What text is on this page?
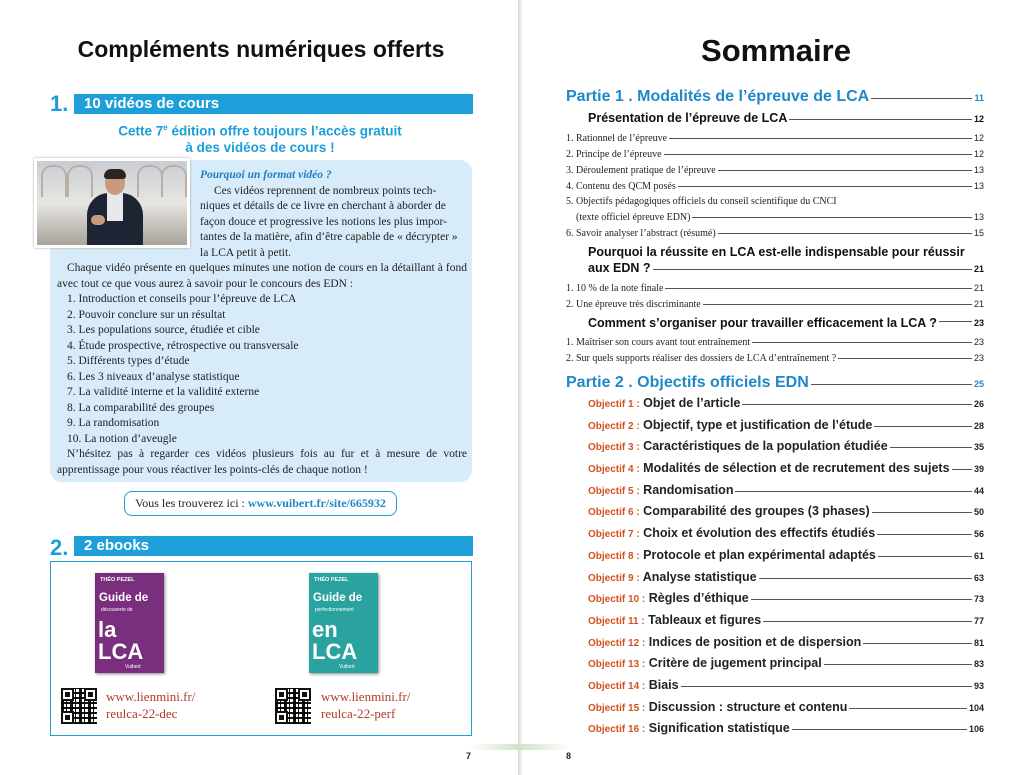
Compléments numériques offerts
1.	10 vidéos de cours
Cette 7e édition offre toujours l’accès gratuit
à des vidéos de cours !
Pourquoi un format vidéo ?
Ces vidéos reprennent de nombreux points tech-
niques et détails de ce livre en cherchant à aborder de
façon douce et progressive les notions les plus impor-
tantes de la matière, afin d’être capable de « décrypter »
la LCA petit à petit.

Chaque vidéo présente en quelques minutes une notion de cours en la détaillant à fond avec tout ce que vous aurez à savoir pour le concours des EDN :

1. Introduction et conseils pour l’épreuve de LCA
2. Pouvoir conclure sur un résultat
3. Les populations source, étudiée et cible
4. Étude prospective, rétrospective ou transversale
5. Différents types d’étude
6. Les 3 niveaux d’analyse statistique
7. La validité interne et la validité externe
8. La comparabilité des groupes
9. La randomisation
10. La notion d’aveugle

N’hésitez pas à regarder ces vidéos plusieurs fois au fur et à mesure de votre apprentissage pour vous réactiver les points-clés de chaque notion !

Vous les trouverez ici : www.vuibert.fr/site/665932
2.	2 ebooks
THÉO PEZEL
Guide de
découverte de
la LCA
Vuibert
www.lienmini.fr/
reulca-22-dec
THÉO PEZEL
Guide de
perfectionnement
en LCA
Vuibert
www.lienmini.fr/
reulca-22-perf
7
Sommaire
Partie 1 . Modalités de l’épreuve de LCA	11
Présentation de l’épreuve de LCA	12
1. Rationnel de l’épreuve	12
2. Principe de l’épreuve	12
3. Déroulement pratique de l’épreuve	13
4. Contenu des QCM posés	13
5. Objectifs pédagogiques officiels du conseil scientifique du CNCI
(texte officiel épreuve EDN)	13
6. Savoir analyser l’abstract (résumé)	15
Pourquoi la réussite en LCA est-elle indispensable pour réussir
aux EDN ?	21
1. 10 % de la note finale	21
2. Une épreuve très discriminante	21
Comment s’organiser pour travailler efficacement la LCA ?	23
1. Maîtriser son cours avant tout entraînement	23
2. Sur quels supports réaliser des dossiers de LCA d’entraînement ?	23
Partie 2 . Objectifs officiels EDN	25
Objectif 1 : Objet de l’article	26
Objectif 2 : Objectif, type et justification de l’étude	28
Objectif 3 : Caractéristiques de la population étudiée	35
Objectif 4 : Modalités de sélection et de recrutement des sujets	39
Objectif 5 : Randomisation	44
Objectif 6 : Comparabilité des groupes (3 phases)	50
Objectif 7 : Choix et évolution des effectifs étudiés	56
Objectif 8 : Protocole et plan expérimental adaptés	61
Objectif 9 : Analyse statistique	63
Objectif 10 : Règles d’éthique	73
Objectif 11 : Tableaux et figures	77
Objectif 12 : Indices de position et de dispersion	81
Objectif 13 : Critère de jugement principal	83
Objectif 14 : Biais	93
Objectif 15 : Discussion : structure et contenu	104
Objectif 16 : Signification statistique	106
8
